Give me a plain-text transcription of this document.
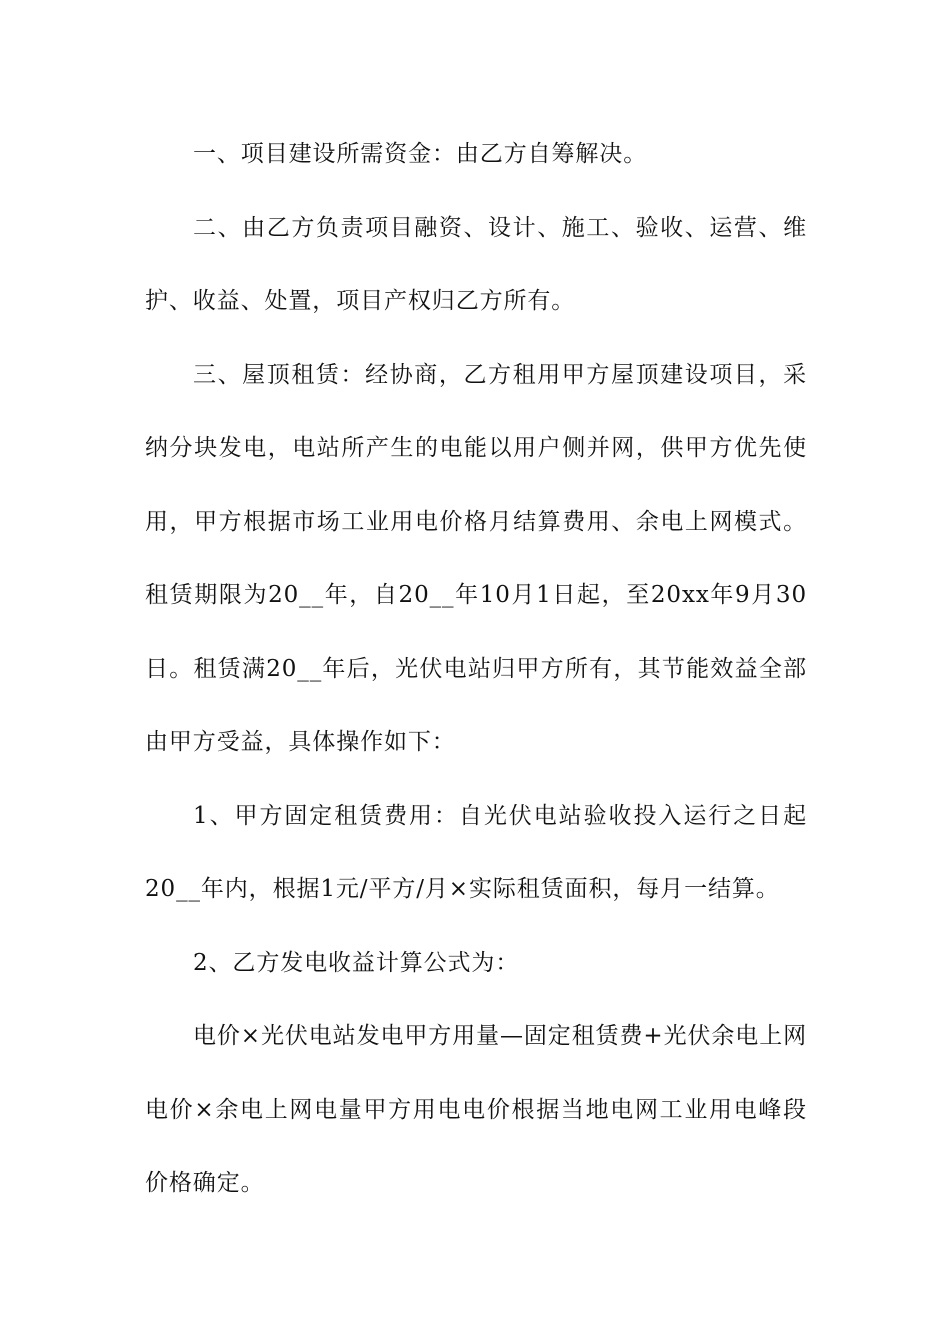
一、项目建设所需资金：由乙方自筹解决。

二、由乙方负责项目融资、设计、施工、验收、运营、维护、收益、处置，项目产权归乙方所有。

三、屋顶租赁：经协商，乙方租用甲方屋顶建设项目，采纳分块发电，电站所产生的电能以用户侧并网，供甲方优先使用，甲方根据市场工业用电价格月结算费用、余电上网模式。租赁期限为20__年，自20__年10月1日起，至20xx年9月30日。租赁满20__年后，光伏电站归甲方所有，其节能效益全部由甲方受益，具体操作如下：

1、甲方固定租赁费用：自光伏电站验收投入运行之日起20__年内，根据1元/平方/月×实际租赁面积，每月一结算。

2、乙方发电收益计算公式为：

电价×光伏电站发电甲方用量—固定租赁费+光伏余电上网电价×余电上网电量甲方用电电价根据当地电网工业用电峰段价格确定。
